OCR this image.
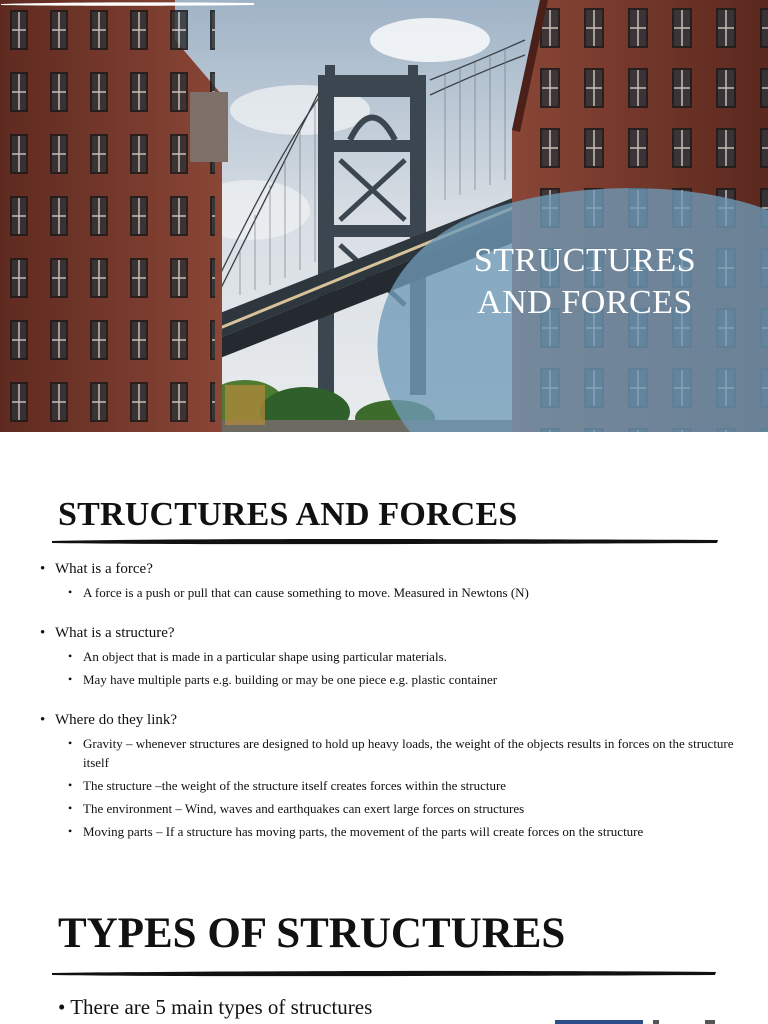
STRUCTURES
AND FORCES
STRUCTURES AND FORCES
• What is a force?
• A force is a push or pull that can cause something to move. Measured in Newtons (N)
• What is a structure?
• An object that is made in a particular shape using particular materials.
• May have multiple parts e.g. building or may be one piece e.g. plastic container
• Where do they link?
• Gravity – whenever structures are designed to hold up heavy loads, the weight of the objects results in forces on the structure itself
• The structure –the weight of the structure itself creates forces within the structure
• The environment – Wind, waves and earthquakes can exert large forces on structures
• Moving parts – If a structure has moving parts, the movement of the parts will create forces on the structure
TYPES OF STRUCTURES
• There are 5 main types of structures
